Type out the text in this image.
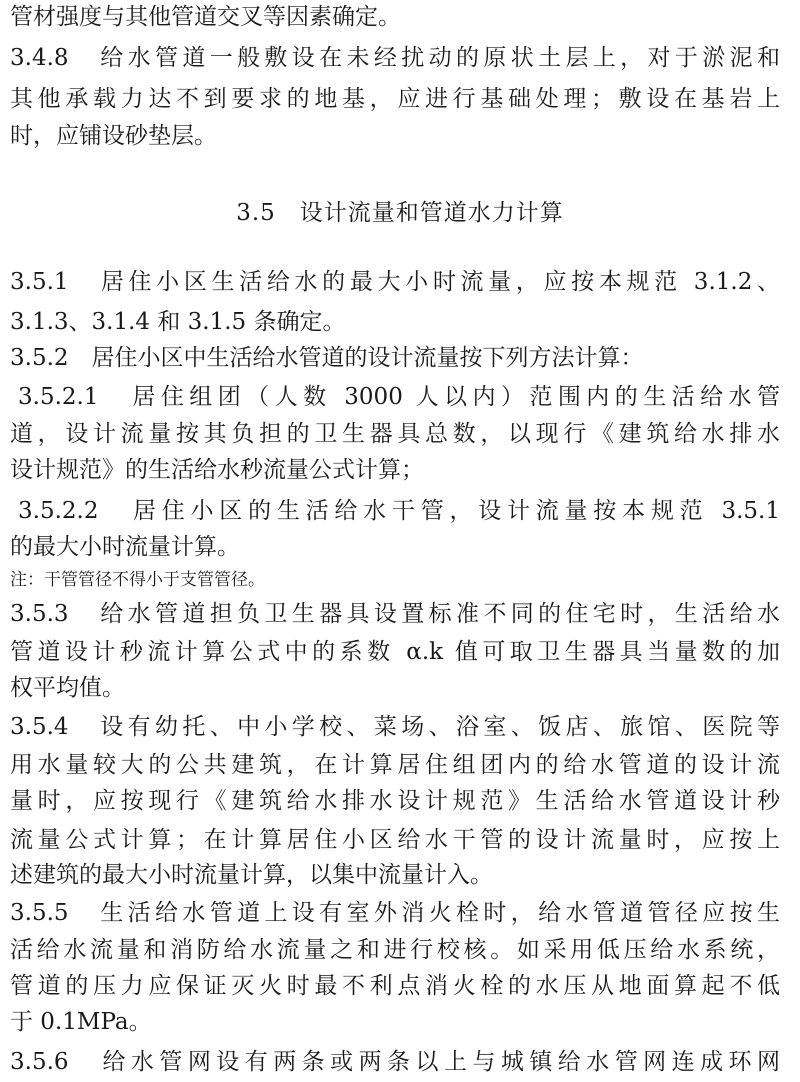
管材强度与其他管道交叉等因素确定。
3.4.8　给水管道一般敷设在未经扰动的原状土层上，对于淤泥和
其他承载力达不到要求的地基，应进行基础处理；敷设在基岩上
时，应铺设砂垫层。
3.5　设计流量和管道水力计算
3.5.1　居住小区生活给水的最大小时流量，应按本规范 3.1.2、
3.1.3、3.1.4 和 3.1.5 条确定。
3.5.2　居住小区中生活给水管道的设计流量按下列方法计算：
3.5.2.1　居住组团（人数 3000 人以内）范围内的生活给水管
道，设计流量按其负担的卫生器具总数，以现行《建筑给水排水
设计规范》的生活给水秒流量公式计算；
3.5.2.2　居住小区的生活给水干管，设计流量按本规范 3.5.1
的最大小时流量计算。
注：干管管径不得小于支管管径。
3.5.3　给水管道担负卫生器具设置标准不同的住宅时，生活给水
管道设计秒流计算公式中的系数 α.k 值可取卫生器具当量数的加
权平均值。
3.5.4　设有幼托、中小学校、菜场、浴室、饭店、旅馆、医院等
用水量较大的公共建筑，在计算居住组团内的给水管道的设计流
量时，应按现行《建筑给水排水设计规范》生活给水管道设计秒
流量公式计算；在计算居住小区给水干管的设计流量时，应按上
述建筑的最大小时流量计算，以集中流量计入。
3.5.5　生活给水管道上设有室外消火栓时，给水管道管径应按生
活给水流量和消防给水流量之和进行校核。如采用低压给水系统，
管道的压力应保证灭火时最不利点消火栓的水压从地面算起不低
于 0.1MPa。
3.5.6　给水管网设有两条或两条以上与城镇给水管网连成环网
